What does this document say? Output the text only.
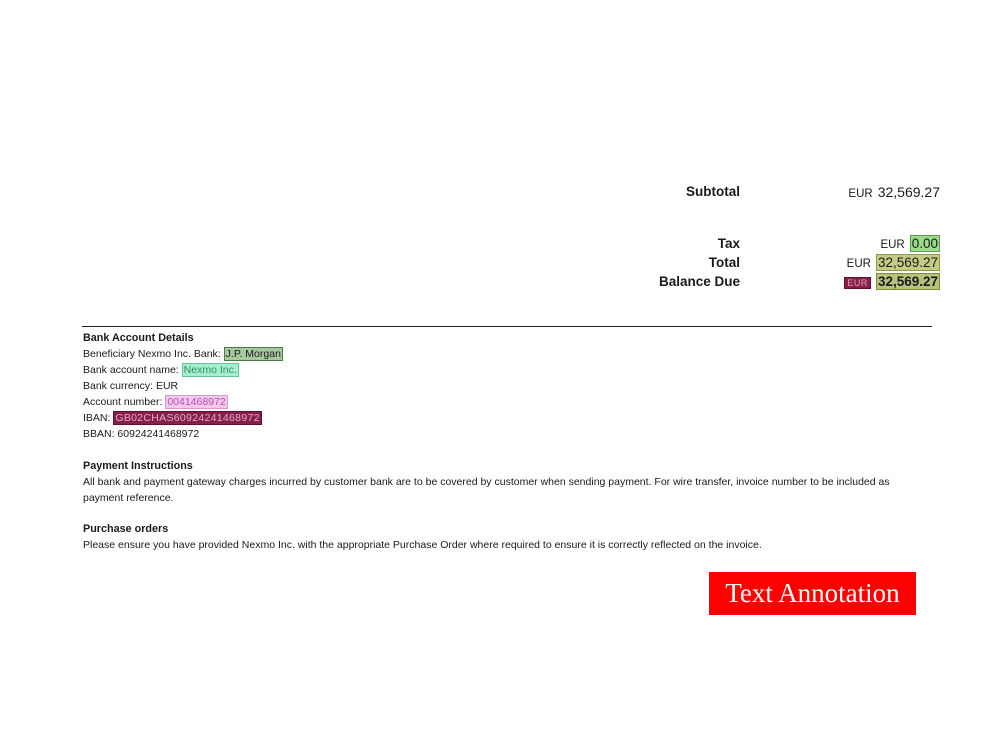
Subtotal	EUR 32,569.27
Tax	EUR 0.00
Total	EUR 32,569.27
Balance Due	EUR 32,569.27
Bank Account Details
Beneficiary Nexmo Inc. Bank: J.P. Morgan
Bank account name: Nexmo Inc.
Bank currency: EUR
Account number: 0041468972
IBAN: GB02CHAS60924241468972
BBAN: 60924241468972
Payment Instructions
All bank and payment gateway charges incurred by customer bank are to be covered by customer when sending payment. For wire transfer, invoice number to be included as payment reference.
Purchase orders
Please ensure you have provided Nexmo Inc. with the appropriate Purchase Order where required to ensure it is correctly reflected on the invoice.
Text Annotation
